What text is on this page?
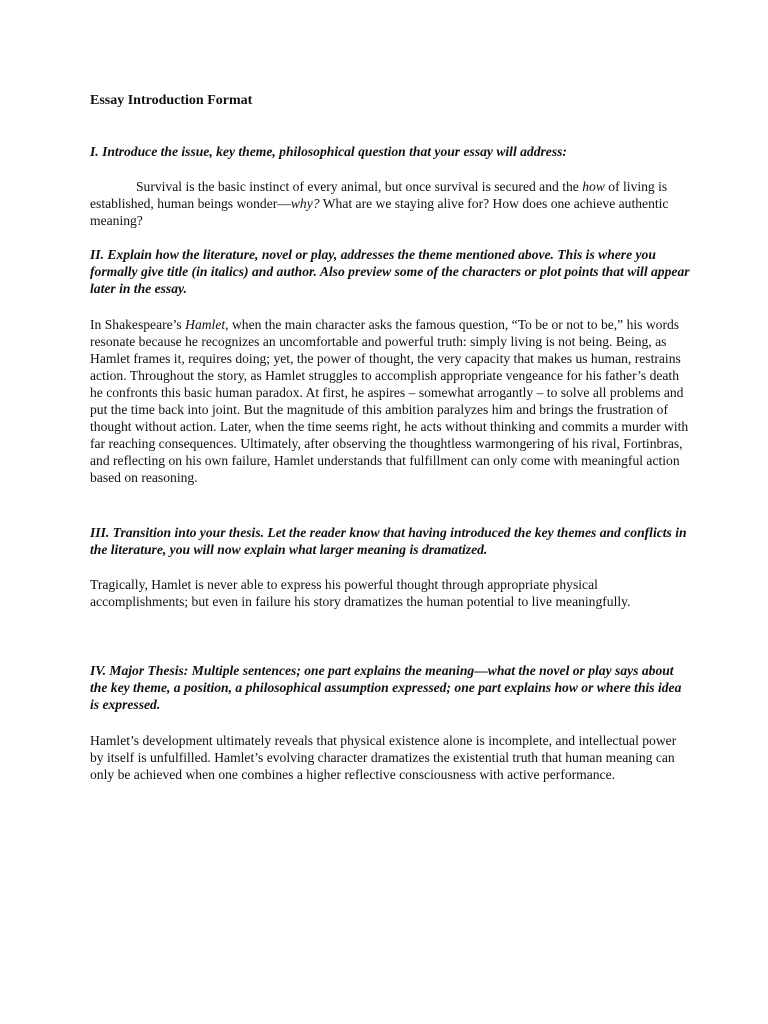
Essay Introduction Format

I. Introduce the issue, key theme, philosophical question that your essay will address:

Survival is the basic instinct of every animal, but once survival is secured and the how of living is established, human beings wonder—why? What are we staying alive for? How does one achieve authentic meaning?

II. Explain how the literature, novel or play, addresses the theme mentioned above. This is where you formally give title (in italics) and author. Also preview some of the characters or plot points that will appear later in the essay.

In Shakespeare’s Hamlet, when the main character asks the famous question, “To be or not to be,” his words resonate because he recognizes an uncomfortable and powerful truth: simply living is not being. Being, as Hamlet frames it, requires doing; yet, the power of thought, the very capacity that makes us human, restrains action. Throughout the story, as Hamlet struggles to accomplish appropriate vengeance for his father’s death he confronts this basic human paradox. At first, he aspires – somewhat arrogantly – to solve all problems and put the time back into joint. But the magnitude of this ambition paralyzes him and brings the frustration of thought without action. Later, when the time seems right, he acts without thinking and commits a murder with far reaching consequences. Ultimately, after observing the thoughtless warmongering of his rival, Fortinbras, and reflecting on his own failure, Hamlet understands that fulfillment can only come with meaningful action based on reasoning.

III. Transition into your thesis. Let the reader know that having introduced the key themes and conflicts in the literature, you will now explain what larger meaning is dramatized.

Tragically, Hamlet is never able to express his powerful thought through appropriate physical accomplishments; but even in failure his story dramatizes the human potential to live meaningfully.

IV. Major Thesis: Multiple sentences; one part explains the meaning—what the novel or play says about the key theme, a position, a philosophical assumption expressed; one part explains how or where this idea is expressed.

Hamlet’s development ultimately reveals that physical existence alone is incomplete, and intellectual power by itself is unfulfilled. Hamlet’s evolving character dramatizes the existential truth that human meaning can only be achieved when one combines a higher reflective consciousness with active performance.
